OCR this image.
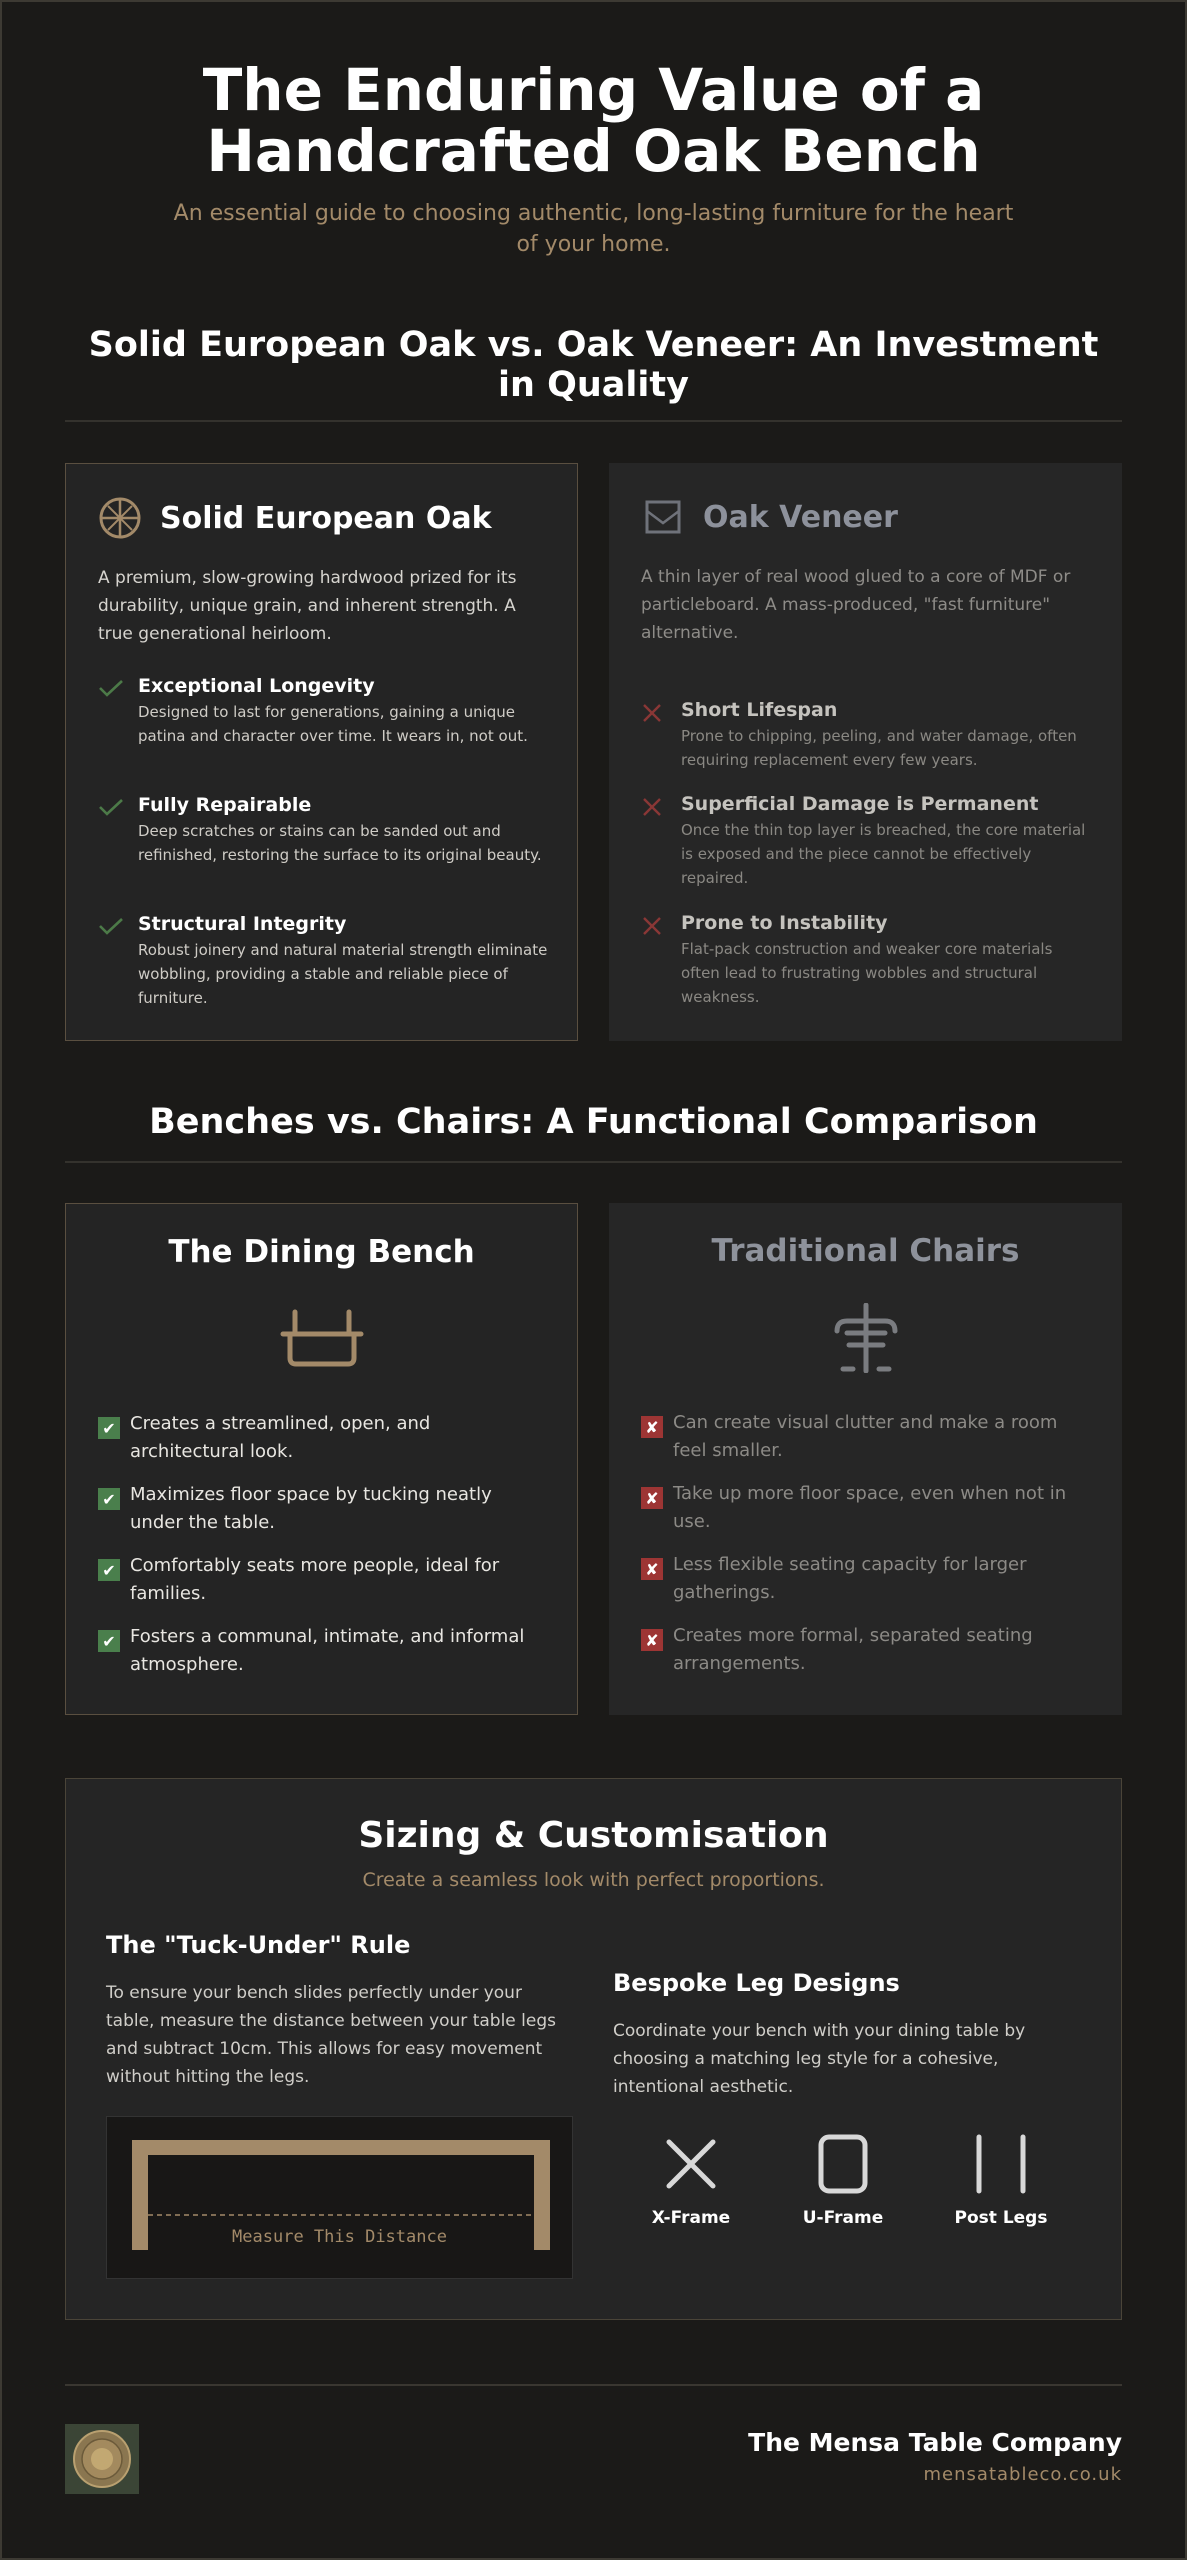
The Enduring Value of a Handcrafted Oak Bench

An essential guide to choosing authentic, long-lasting furniture for the heart of your home.

Solid European Oak vs. Oak Veneer: An Investment in Quality
Solid European Oak

A premium, slow-growing hardwood prized for its durability, unique grain, and inherent strength. A true generational heirloom.

Exceptional Longevity
Designed to last for generations, gaining a unique patina and character over time. It wears in, not out.
Fully Repairable
Deep scratches or stains can be sanded out and refinished, restoring the surface to its original beauty.
Structural Integrity
Robust joinery and natural material strength eliminate wobbling, providing a stable and reliable piece of furniture.
Oak Veneer

A thin layer of real wood glued to a core of MDF or particleboard. A mass-produced, "fast furniture" alternative.

Short Lifespan
Prone to chipping, peeling, and water damage, often requiring replacement every few years.
Superficial Damage is Permanent
Once the thin top layer is breached, the core material is exposed and the piece cannot be effectively repaired.
Prone to Instability
Flat-pack construction and weaker core materials often lead to frustrating wobbles and structural weakness.
Benches vs. Chairs: A Functional Comparison
The Dining Bench
✔ Creates a streamlined, open, and architectural look.
✔ Maximizes floor space by tucking neatly under the table.
✔ Comfortably seats more people, ideal for families.
✔ Fosters a communal, intimate, and informal atmosphere.
Traditional Chairs
✘ Can create visual clutter and make a room feel smaller.
✘ Take up more floor space, even when not in use.
✘ Less flexible seating capacity for larger gatherings.
✘ Creates more formal, separated seating arrangements.
Sizing & Customisation
Create a seamless look with perfect proportions.
The "Tuck-Under" Rule

To ensure your bench slides perfectly under your table, measure the distance between your table legs and subtract 10cm. This allows for easy movement without hitting the legs.

Measure This Distance
Bespoke Leg Designs

Coordinate your bench with your dining table by choosing a matching leg style for a cohesive, intentional aesthetic.

X-Frame	U-Frame	Post Legs
The Mensa Table Company
mensatableco.co.uk
